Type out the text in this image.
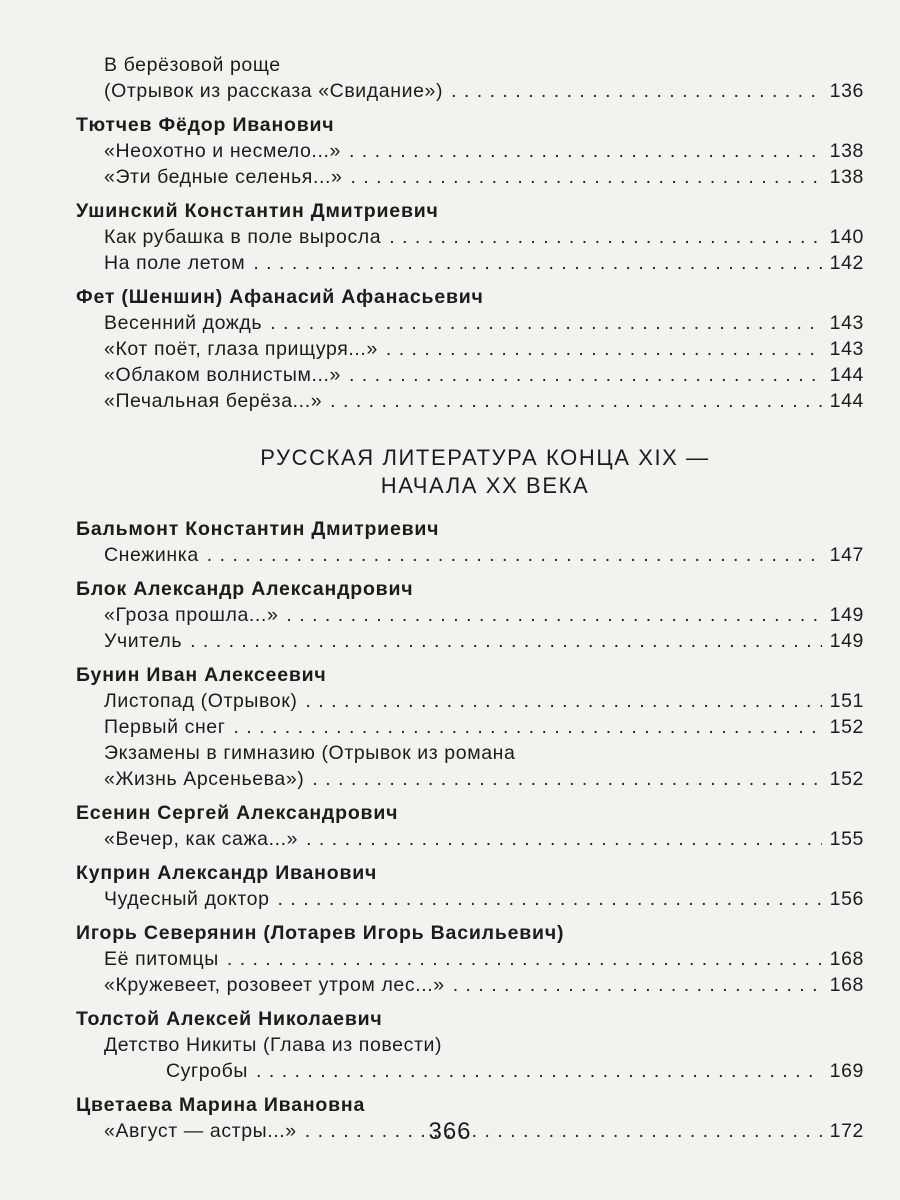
В берёзовой роще
(Отрывок из рассказа «Свидание») . . .	136
Тютчев Фёдор Иванович
«Неохотно и несмело...» . . .	138
«Эти бедные селенья...» . . .	138
Ушинский Константин Дмитриевич
Как рубашка в поле выросла . . .	140
На поле летом . . .	142
Фет (Шеншин) Афанасий Афанасьевич
Весенний дождь . . .	143
«Кот поёт, глаза прищуря...» . . .	143
«Облаком волнистым...» . . .	144
«Печальная берёза...» . . .	144
РУССКАЯ ЛИТЕРАТУРА КОНЦА XIX —
НАЧАЛА XX ВЕКА
Бальмонт Константин Дмитриевич
Снежинка . . .	147
Блок Александр Александрович
«Гроза прошла...» . . .	149
Учитель . . .	149
Бунин Иван Алексеевич
Листопад (Отрывок) . . .	151
Первый снег . . .	152
Экзамены в гимназию (Отрывок из романа
«Жизнь Арсеньева») . . .	152
Есенин Сергей Александрович
«Вечер, как сажа...» . . .	155
Куприн Александр Иванович
Чудесный доктор . . .	156
Игорь Северянин (Лотарев Игорь Васильевич)
Её питомцы . . .	168
«Кружевеет, розовеет утром лес...» . . .	168
Толстой Алексей Николаевич
Детство Никиты (Глава из повести)
Сугробы . . .	169
Цветаева Марина Ивановна
«Август — астры...» . . .	172
366
